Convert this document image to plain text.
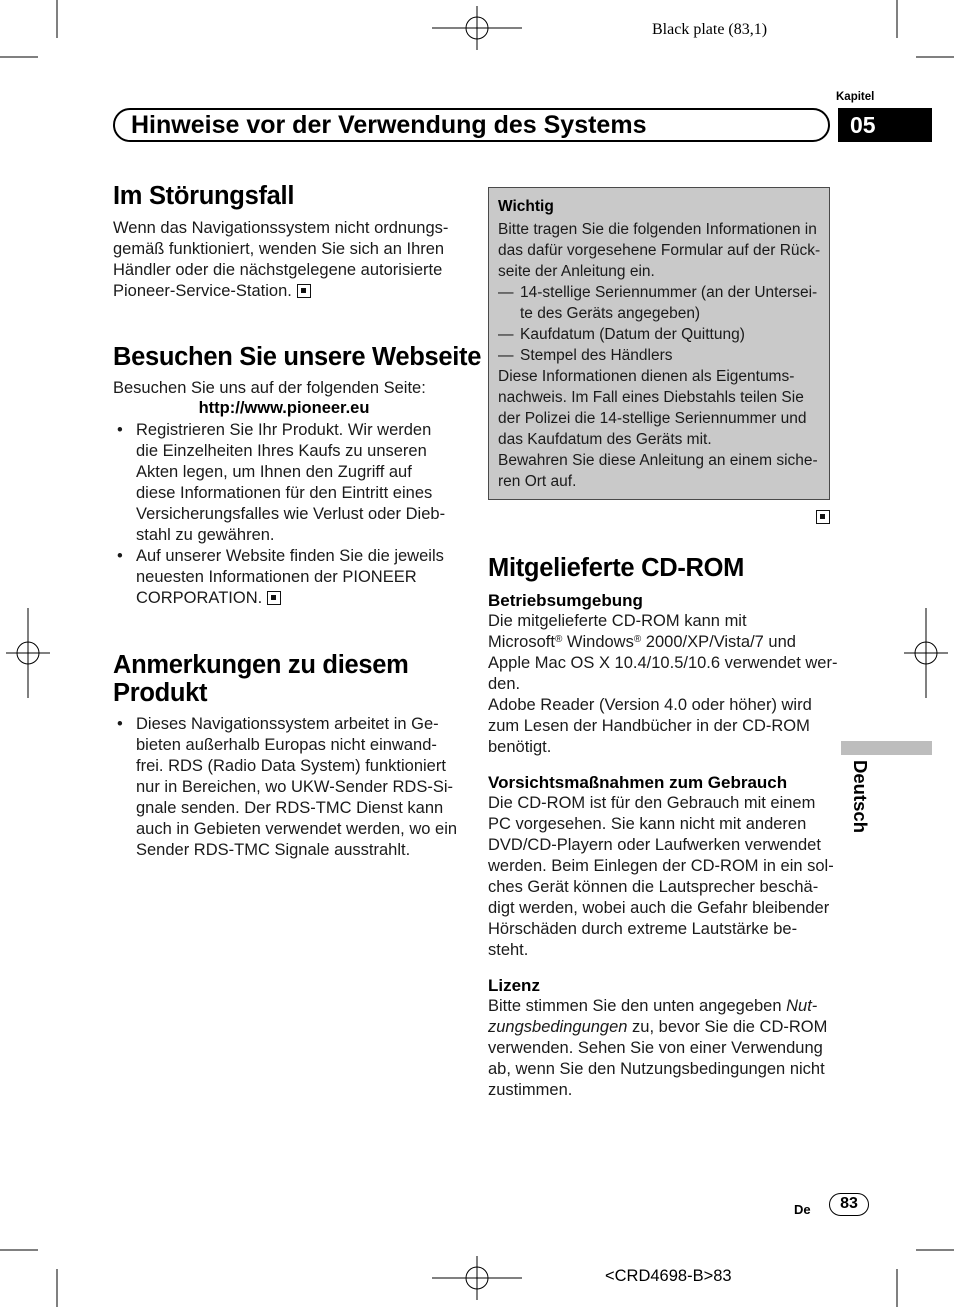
Black plate (83,1)
Kapitel
Hinweise vor der Verwendung des Systems	05
Im Störungsfall
Wenn das Navigationssystem nicht ordnungs-
gemäß funktioniert, wenden Sie sich an Ihren
Händler oder die nächstgelegene autorisierte
Pioneer-Service-Station.
Besuchen Sie unsere Webseite
Besuchen Sie uns auf der folgenden Seite:
http://www.pioneer.eu
• Registrieren Sie Ihr Produkt. Wir werden
die Einzelheiten Ihres Kaufs zu unseren
Akten legen, um Ihnen den Zugriff auf
diese Informationen für den Eintritt eines
Versicherungsfalles wie Verlust oder Dieb-
stahl zu gewähren.
• Auf unserer Website finden Sie die jeweils
neuesten Informationen der PIONEER
CORPORATION.
Anmerkungen zu diesem
Produkt
• Dieses Navigationssystem arbeitet in Ge-
bieten außerhalb Europas nicht einwand-
frei. RDS (Radio Data System) funktioniert
nur in Bereichen, wo UKW-Sender RDS-Si-
gnale senden. Der RDS-TMC Dienst kann
auch in Gebieten verwendet werden, wo ein
Sender RDS-TMC Signale ausstrahlt.
Wichtig
Bitte tragen Sie die folgenden Informationen in
das dafür vorgesehene Formular auf der Rück-
seite der Anleitung ein.
— 14-stellige Seriennummer (an der Untersei-
te des Geräts angegeben)
— Kaufdatum (Datum der Quittung)
— Stempel des Händlers
Diese Informationen dienen als Eigentums-
nachweis. Im Fall eines Diebstahls teilen Sie
der Polizei die 14-stellige Seriennummer und
das Kaufdatum des Geräts mit.
Bewahren Sie diese Anleitung an einem siche-
ren Ort auf.
Mitgelieferte CD-ROM
Betriebsumgebung
Die mitgelieferte CD-ROM kann mit
Microsoft® Windows® 2000/XP/Vista/7 und
Apple Mac OS X 10.4/10.5/10.6 verwendet wer-
den.
Adobe Reader (Version 4.0 oder höher) wird
zum Lesen der Handbücher in der CD-ROM
benötigt.
Vorsichtsmaßnahmen zum Gebrauch
Die CD-ROM ist für den Gebrauch mit einem
PC vorgesehen. Sie kann nicht mit anderen
DVD/CD-Playern oder Laufwerken verwendet
werden. Beim Einlegen der CD-ROM in ein sol-
ches Gerät können die Lautsprecher beschä-
digt werden, wobei auch die Gefahr bleibender
Hörschäden durch extreme Lautstärke be-
steht.
Lizenz
Bitte stimmen Sie den unten angegeben Nut-
zungsbedingungen zu, bevor Sie die CD-ROM
verwenden. Sehen Sie von einer Verwendung
ab, wenn Sie den Nutzungsbedingungen nicht
zustimmen.
Deutsch
De	83
<CRD4698-B>83
